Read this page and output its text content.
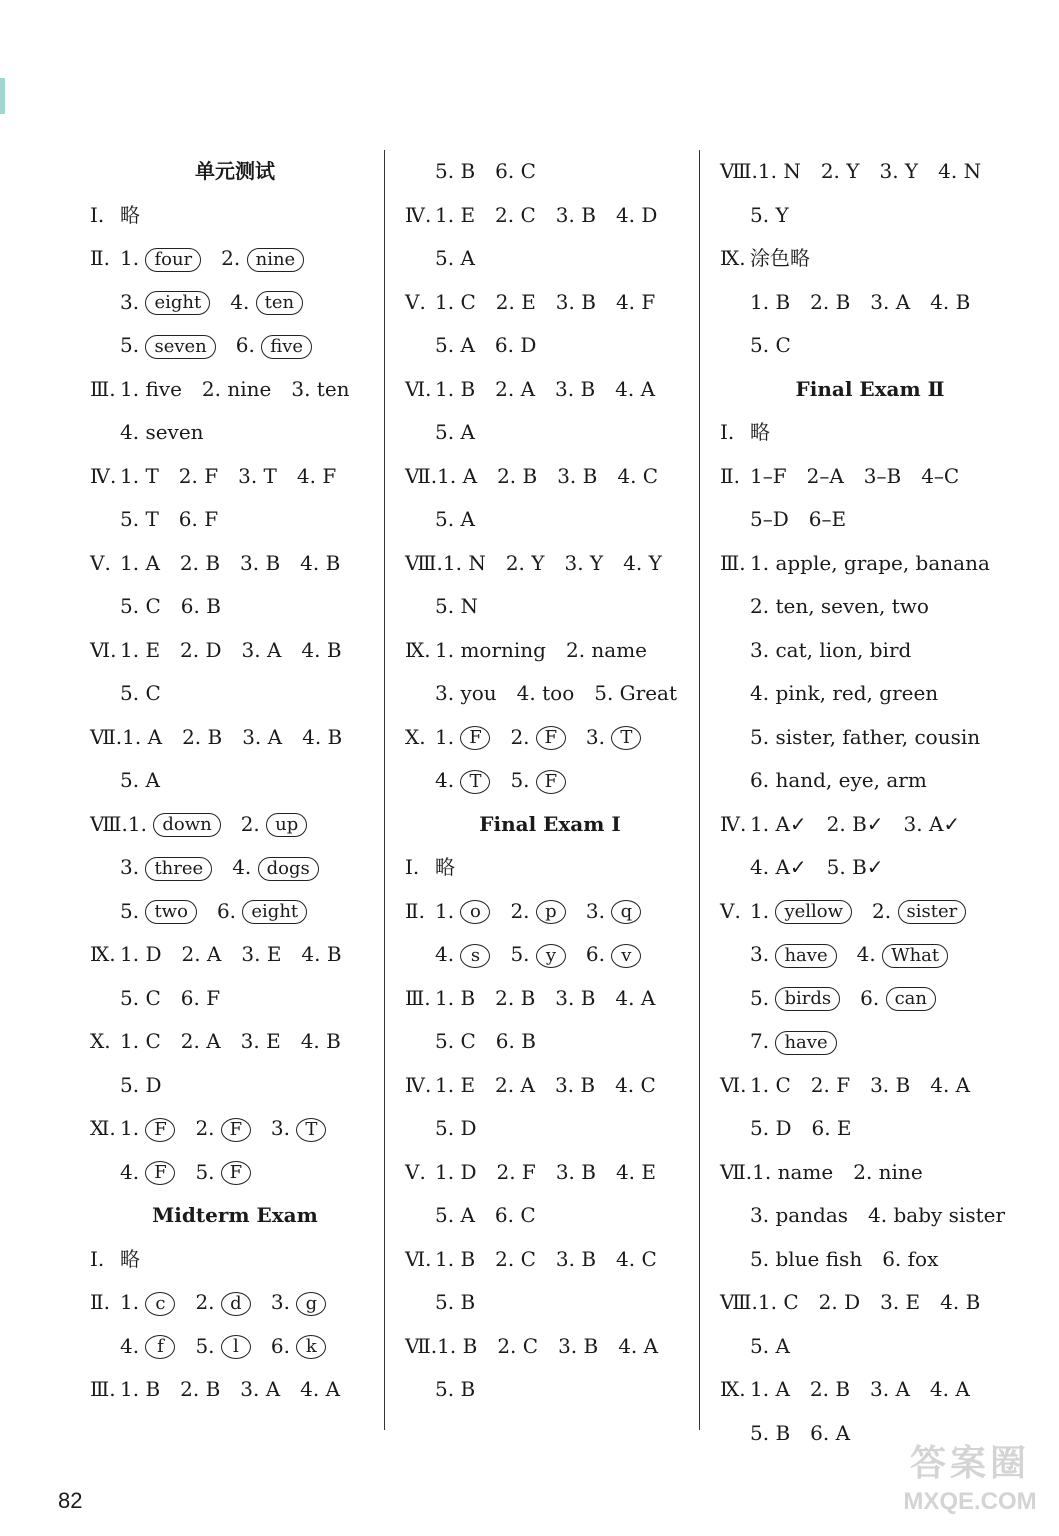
单元测试
Ⅰ. 略
Ⅱ. 1. four 2. nine
3. eight 4. ten
5. seven 6. five
Ⅲ. 1. five 2. nine 3. ten
4. seven
Ⅳ. 1. T 2. F 3. T 4. F
5. T 6. F
Ⅴ. 1. A 2. B 3. B 4. B
5. C 6. B
Ⅵ. 1. E 2. D 3. A 4. B
5. C
Ⅶ.1. A 2. B 3. A 4. B
5. A
Ⅷ.1. down 2. up
3. three 4. dogs
5. two 6. eight
Ⅸ. 1. D 2. A 3. E 4. B
5. C 6. F
Ⅹ. 1. C 2. A 3. E 4. B
5. D
Ⅺ. 1. F 2. F 3. T
4. F 5. F
Midterm Exam
Ⅰ. 略
Ⅱ. 1. c 2. d 3. g
4. f 5. l 6. k
Ⅲ. 1. B 2. B 3. A 4. A
5. B 6. C
Ⅳ. 1. E 2. C 3. B 4. D
5. A
Ⅴ. 1. C 2. E 3. B 4. F
5. A 6. D
Ⅵ. 1. B 2. A 3. B 4. A
5. A
Ⅶ.1. A 2. B 3. B 4. C
5. A
Ⅷ.1. N 2. Y 3. Y 4. Y
5. N
Ⅸ. 1. morning 2. name
3. you 4. too 5. Great
Ⅹ. 1. F 2. F 3. T
4. T 5. F
Final Exam Ⅰ
Ⅰ. 略
Ⅱ. 1. o 2. p 3. q
4. s 5. y 6. v
Ⅲ. 1. B 2. B 3. B 4. A
5. C 6. B
Ⅳ. 1. E 2. A 3. B 4. C
5. D
Ⅴ. 1. D 2. F 3. B 4. E
5. A 6. C
Ⅵ. 1. B 2. C 3. B 4. C
5. B
Ⅶ.1. B 2. C 3. B 4. A
5. B
Ⅷ.1. N 2. Y 3. Y 4. N
5. Y
Ⅸ. 涂色略
1. B 2. B 3. A 4. B
5. C
Final Exam Ⅱ
Ⅰ. 略
Ⅱ. 1–F 2–A 3–B 4–C
5–D 6–E
Ⅲ. 1. apple, grape, banana
2. ten, seven, two
3. cat, lion, bird
4. pink, red, green
5. sister, father, cousin
6. hand, eye, arm
Ⅳ. 1. A✓ 2. B✓ 3. A✓
4. A✓ 5. B✓
Ⅴ. 1. yellow 2. sister
3. have 4. What
5. birds 6. can
7. have
Ⅵ. 1. C 2. F 3. B 4. A
5. D 6. E
Ⅶ.1. name 2. nine
3. pandas 4. baby sister
5. blue fish 6. fox
Ⅷ.1. C 2. D 3. E 4. B
5. A
Ⅸ. 1. A 2. B 3. A 4. A
5. B 6. A
82
答案圈
MXQE.COM
